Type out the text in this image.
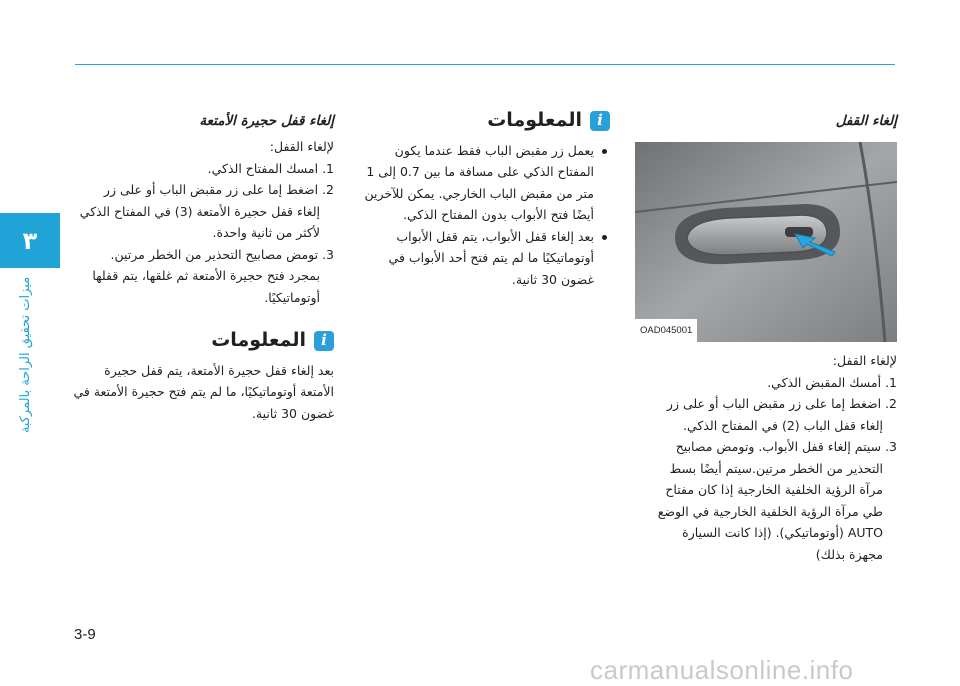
٣
ميزات تحقيق الراحة بالمركبة

إلغاء القفل

OAD045001

لإلغاء القفل:

1. أمسك المقبض الذكي.

2. اضغط إما على زر مقبض الباب أو على زر

إلغاء قفل الباب (2) في المفتاح الذكي.

3. سيتم إلغاء قفل الأبواب. وتومض مصابيح

التحذير من الخطر مرتين.سيتم أيضًا بسط

مرآة الرؤية الخلفية الخارجية إذا كان مفتاح

طي مرآة الرؤية الخلفية الخارجية في الوضع

AUTO (أوتوماتيكي). (إذا كانت السيارة

مجهزة بذلك)

i
المعلومات

يعمل زر مقبض الباب فقط عندما يكون

المفتاح الذكي على مسافة ما بين 0.7 إلى 1

متر من مقبض الباب الخارجي. يمكن للآخرين

أيضًا فتح الأبواب بدون المفتاح الذكي.

بعد إلغاء قفل الأبواب، يتم قفل الأبواب

أوتوماتيكيًا ما لم يتم فتح أحد الأبواب في

غضون 30 ثانية.

إلغاء قفل حجيرة الأمتعة

لإلغاء القفل:

1. امسك المفتاح الذكي.

2. اضغط إما على زر مقبض الباب أو على زر

إلغاء قفل حجيرة الأمتعة (3) في المفتاح الذكي

لأكثر من ثانية واحدة.

3. تومض مصابيح التحذير من الخطر مرتين.

بمجرد فتح حجيرة الأمتعة ثم غلقها، يتم قفلها

أوتوماتيكيًا.

i
المعلومات

بعد إلغاء قفل حجيرة الأمتعة، يتم قفل حجيرة

الأمتعة أوتوماتيكيًا، ما لم يتم فتح حجيرة الأمتعة في

غضون 30 ثانية.

3-9
carmanualsonline.info
